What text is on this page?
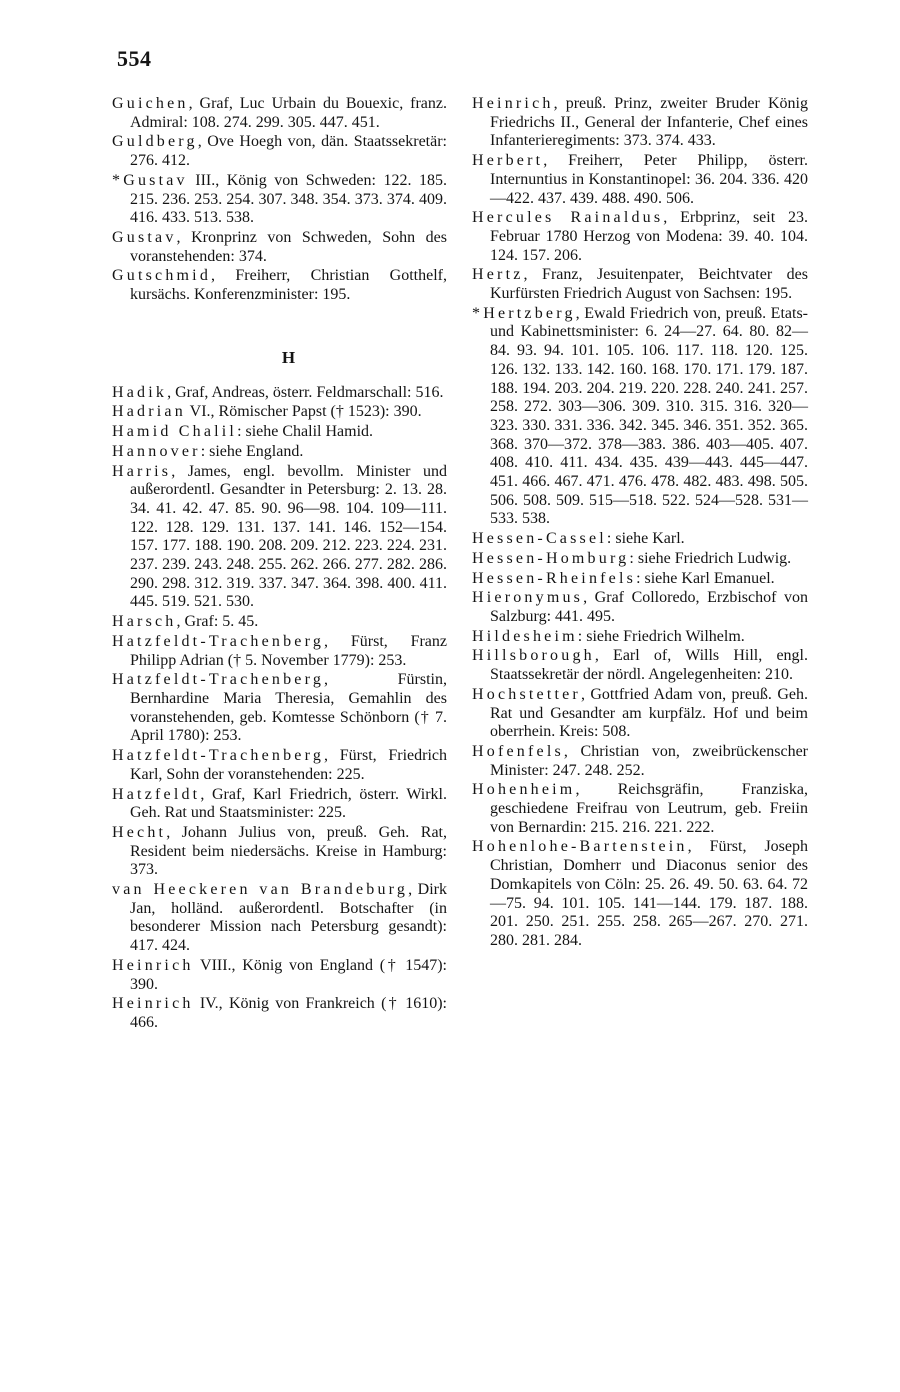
554

Guichen, Graf, Luc Urbain du Bouexic, franz. Admiral: 108. 274. 299. 305. 447. 451.

Guldberg, Ove Hoegh von, dän. Staatssekretär: 276. 412.

*Gustav III., König von Schweden: 122. 185. 215. 236. 253. 254. 307. 348. 354. 373. 374. 409. 416. 433. 513. 538.

Gustav, Kronprinz von Schweden, Sohn des voranstehenden: 374.

Gutschmid, Freiherr, Christian Gotthelf, kursächs. Konferenzminister: 195.

H

Hadik, Graf, Andreas, österr. Feldmarschall: 516.

Hadrian VI., Römischer Papst († 1523): 390.

Hamid Chalil: siehe Chalil Hamid.

Hannover: siehe England.

Harris, James, engl. bevollm. Minister und außerordentl. Gesandter in Petersburg: 2. 13. 28. 34. 41. 42. 47. 85. 90. 96—98. 104. 109—111. 122. 128. 129. 131. 137. 141. 146. 152—154. 157. 177. 188. 190. 208. 209. 212. 223. 224. 231. 237. 239. 243. 248. 255. 262. 266. 277. 282. 286. 290. 298. 312. 319. 337. 347. 364. 398. 400. 411. 445. 519. 521. 530.

Harsch, Graf: 5. 45.

Hatzfeldt-Trachenberg, Fürst, Franz Philipp Adrian († 5. November 1779): 253.

Hatzfeldt-Trachenberg, Fürstin, Bernhardine Maria Theresia, Gemahlin des voranstehenden, geb. Komtesse Schönborn († 7. April 1780): 253.

Hatzfeldt-Trachenberg, Fürst, Friedrich Karl, Sohn der voranstehenden: 225.

Hatzfeldt, Graf, Karl Friedrich, österr. Wirkl. Geh. Rat und Staatsminister: 225.

Hecht, Johann Julius von, preuß. Geh. Rat, Resident beim niedersächs. Kreise in Hamburg: 373.

van Heeckeren van Brandeburg, Dirk Jan, holländ. außerordentl. Botschafter (in besonderer Mission nach Petersburg gesandt): 417. 424.

Heinrich VIII., König von England († 1547): 390.

Heinrich IV., König von Frankreich († 1610): 466.

Heinrich, preuß. Prinz, zweiter Bruder König Friedrichs II., General der Infanterie, Chef eines Infanterieregiments: 373. 374. 433.

Herbert, Freiherr, Peter Philipp, österr. Internuntius in Konstantinopel: 36. 204. 336. 420—422. 437. 439. 488. 490. 506.

Hercules Rainaldus, Erbprinz, seit 23. Februar 1780 Herzog von Modena: 39. 40. 104. 124. 157. 206.

Hertz, Franz, Jesuitenpater, Beichtvater des Kurfürsten Friedrich August von Sachsen: 195.

*Hertzberg, Ewald Friedrich von, preuß. Etats- und Kabinettsminister: 6. 24—27. 64. 80. 82—84. 93. 94. 101. 105. 106. 117. 118. 120. 125. 126. 132. 133. 142. 160. 168. 170. 171. 179. 187. 188. 194. 203. 204. 219. 220. 228. 240. 241. 257. 258. 272. 303—306. 309. 310. 315. 316. 320—323. 330. 331. 336. 342. 345. 346. 351. 352. 365. 368. 370—372. 378—383. 386. 403—405. 407. 408. 410. 411. 434. 435. 439—443. 445—447. 451. 466. 467. 471. 476. 478. 482. 483. 498. 505. 506. 508. 509. 515—518. 522. 524—528. 531—533. 538.

Hessen-Cassel: siehe Karl.

Hessen-Homburg: siehe Friedrich Ludwig.

Hessen-Rheinfels: siehe Karl Emanuel.

Hieronymus, Graf Colloredo, Erzbischof von Salzburg: 441. 495.

Hildesheim: siehe Friedrich Wilhelm.

Hillsborough, Earl of, Wills Hill, engl. Staatssekretär der nördl. Angelegenheiten: 210.

Hochstetter, Gottfried Adam von, preuß. Geh. Rat und Gesandter am kurpfälz. Hof und beim oberrhein. Kreis: 508.

Hofenfels, Christian von, zweibrückenscher Minister: 247. 248. 252.

Hohenheim, Reichsgräfin, Franziska, geschiedene Freifrau von Leutrum, geb. Freiin von Bernardin: 215. 216. 221. 222.

Hohenlohe-Bartenstein, Fürst, Joseph Christian, Domherr und Diaconus senior des Domkapitels von Cöln: 25. 26. 49. 50. 63. 64. 72—75. 94. 101. 105. 141—144. 179. 187. 188. 201. 250. 251. 255. 258. 265—267. 270. 271. 280. 281. 284.
